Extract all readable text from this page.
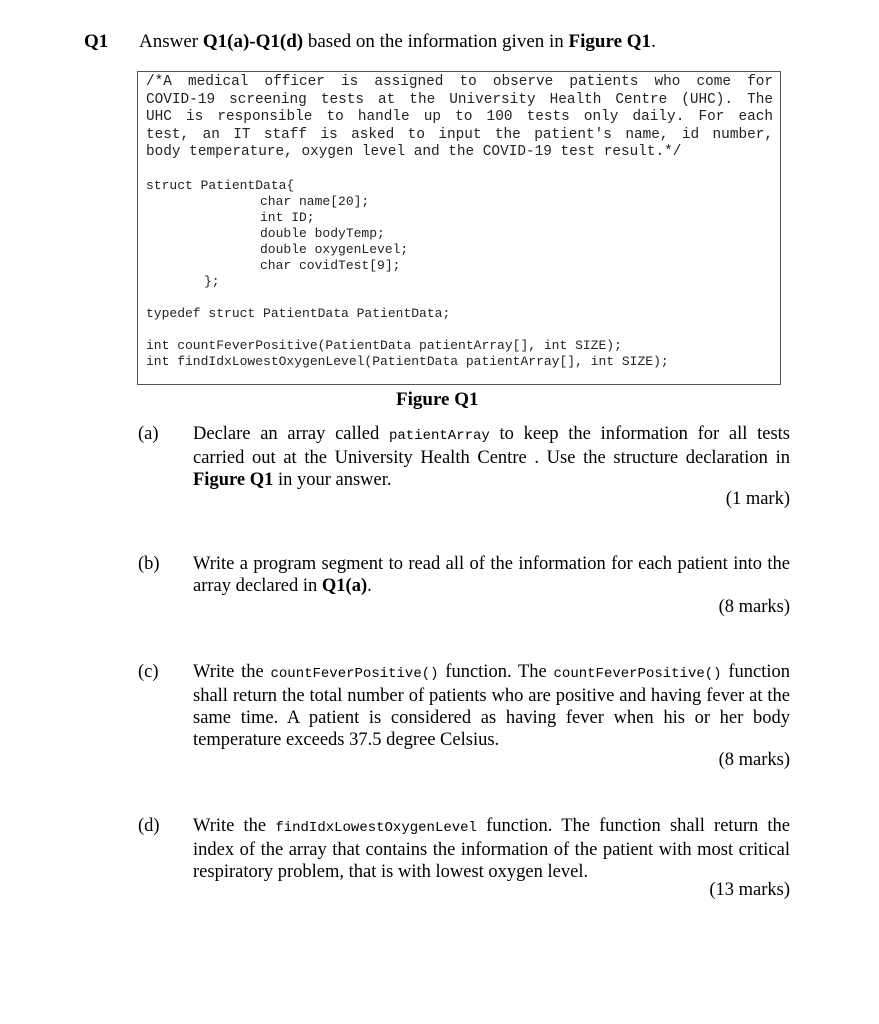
Q1 Answer Q1(a)-Q1(d) based on the information given in Figure Q1.
/*A medical officer is assigned to observe patients who come for
COVID-19 screening tests at the University Health Centre (UHC). The
UHC is responsible to handle up to 100 tests only daily. For each
test, an IT staff is asked to input the patient's name, id number,
body temperature, oxygen level and the COVID-19 test result.*/
struct PatientData{
char name[20];
int ID;
double bodyTemp;
double oxygenLevel;
char covidTest[9];
};
typedef struct PatientData PatientData;
int countFeverPositive(PatientData patientArray[], int SIZE);
int findIdxLowestOxygenLevel(PatientData patientArray[], int SIZE);
Figure Q1
(a) Declare an array called patientArray to keep the information for all tests
carried out at the University Health Centre . Use the structure declaration in
Figure Q1 in your answer.
(1 mark)
(b) Write a program segment to read all of the information for each patient into the
array declared in Q1(a).
(8 marks)
(c) Write the countFeverPositive() function. The countFeverPositive() function
shall return the total number of patients who are positive and having fever at the
same time. A patient is considered as having fever when his or her body
temperature exceeds 37.5 degree Celsius.
(8 marks)
(d) Write the findIdxLowestOxygenLevel function. The function shall return the
index of the array that contains the information of the patient with most critical
respiratory problem, that is with lowest oxygen level.
(13 marks)
